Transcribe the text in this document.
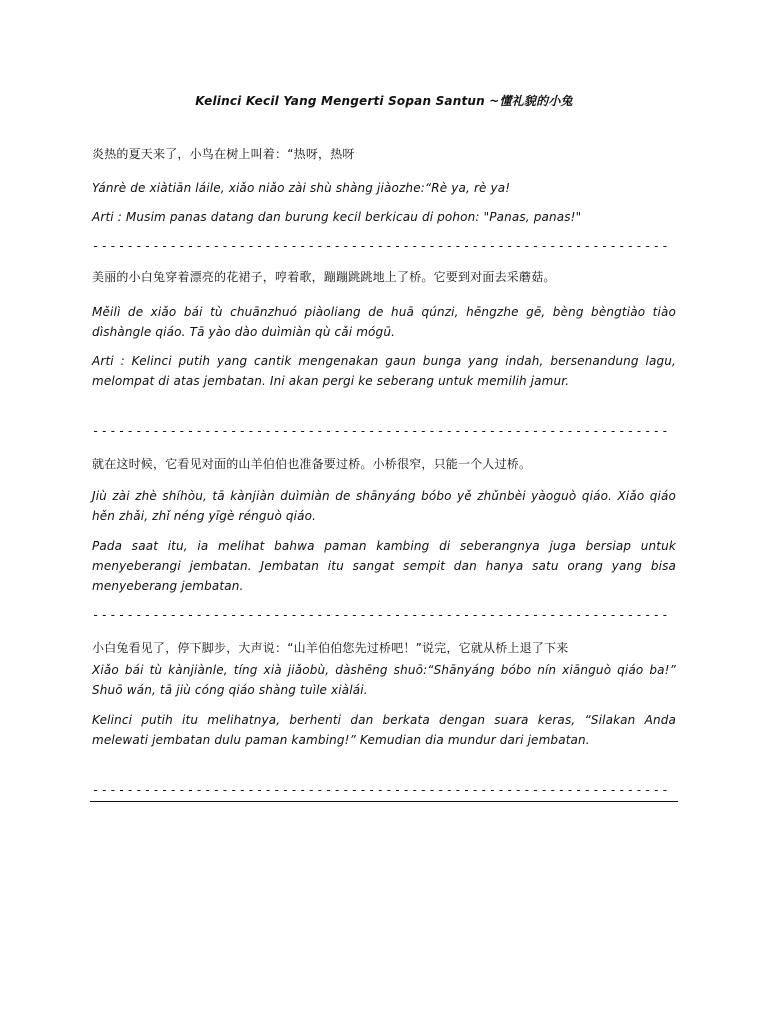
Kelinci Kecil Yang Mengerti Sopan Santun ~懂礼貌的小兔
炎热的夏天来了，小鸟在树上叫着：“热呀，热呀
Yánrè de xiàtiān láile, xiǎo niǎo zài shù shàng jiàozhe:“Rè ya, rè ya!
Arti : Musim panas datang dan burung kecil berkicau di pohon: "Panas, panas!"
-------------------------------------------------------------------
美丽的小白兔穿着漂亮的花裙子，哼着歌，蹦蹦跳跳地上了桥。它要到对面去采蘑菇。
Měilì de xiǎo bái tù chuānzhuó piàoliang de huā qúnzi, hēngzhe gē, bèng bèngtiào tiào dìshàngle qiáo. Tā yào dào duìmiàn qù cǎi mógū.
Arti : Kelinci putih yang cantik mengenakan gaun bunga yang indah, bersenandung lagu, melompat di atas jembatan. Ini akan pergi ke seberang untuk memilih jamur.
-------------------------------------------------------------------
就在这时候，它看见对面的山羊伯伯也准备要过桥。小桥很窄，只能一个人过桥。
Jiù zài zhè shíhòu, tā kànjiàn duìmiàn de shānyáng bóbo yě zhǔnbèi yàoguò qiáo. Xiǎo qiáo hěn zhǎi, zhǐ néng yīgè rénguò qiáo.
Pada saat itu, ia melihat bahwa paman kambing di seberangnya juga bersiap untuk menyeberangi jembatan. Jembatan itu sangat sempit dan hanya satu orang yang bisa menyeberang jembatan.
-------------------------------------------------------------------
小白兔看见了，停下脚步，大声说：“山羊伯伯您先过桥吧！”说完，它就从桥上退了下来
Xiǎo bái tù kànjiànle, tíng xià jiǎobù, dàshēng shuō:“Shānyáng bóbo nín xiānguò qiáo ba!” Shuō wán, tā jiù cóng qiáo shàng tuìle xiàlái.
Kelinci putih itu melihatnya, berhenti dan berkata dengan suara keras, “Silakan Anda melewati jembatan dulu paman kambing!” Kemudian dia mundur dari jembatan.
-------------------------------------------------------------------
